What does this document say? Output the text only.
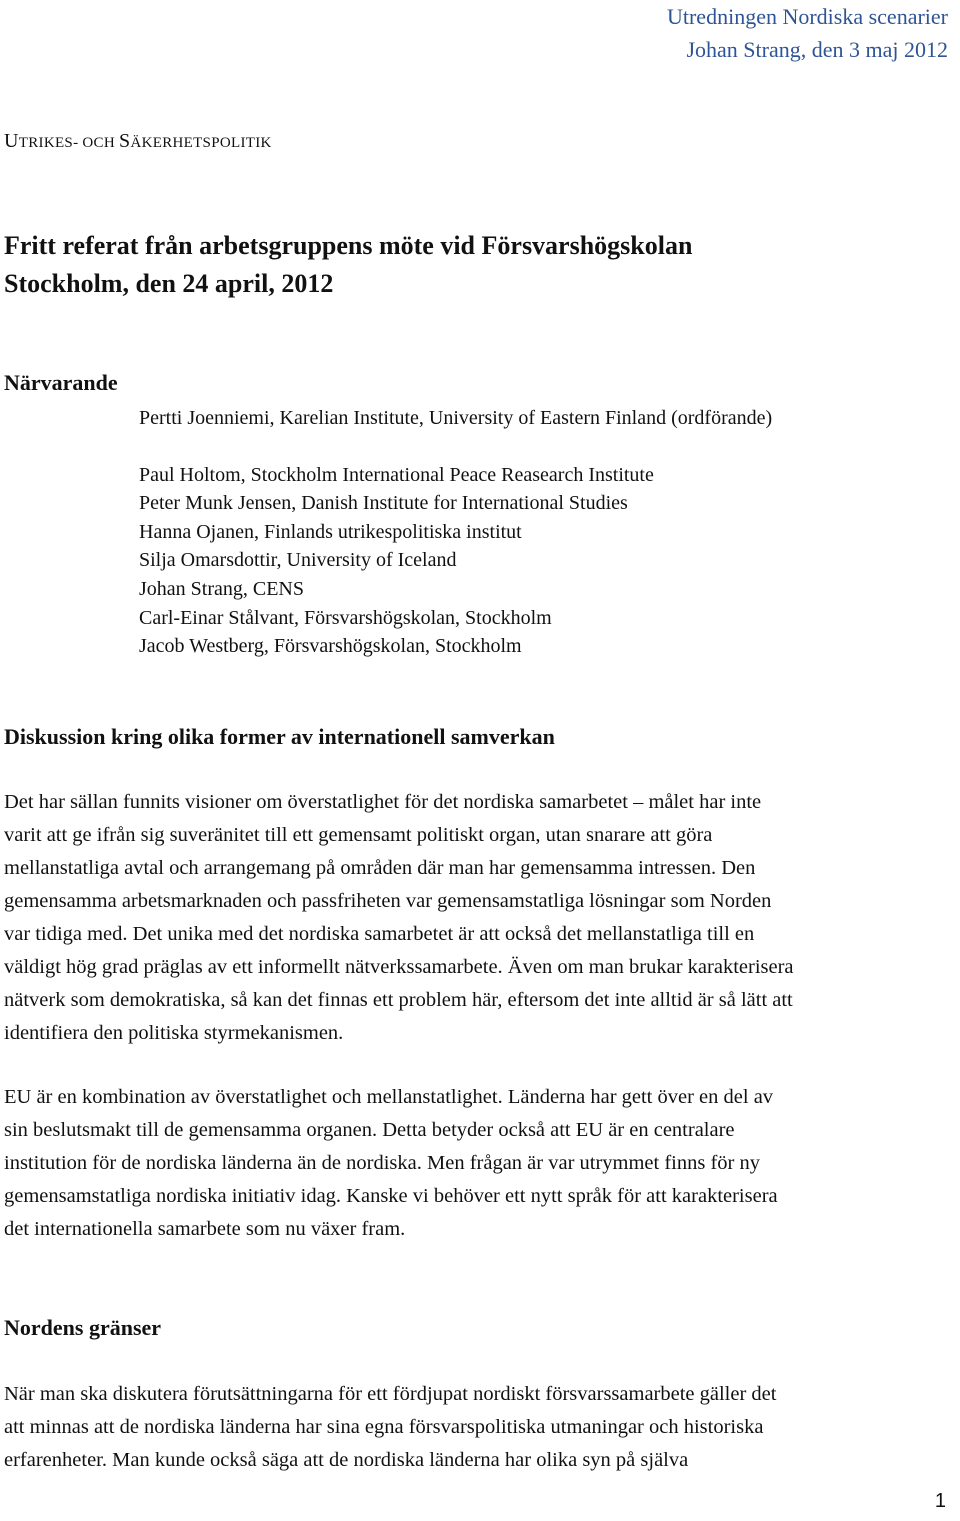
Utredningen Nordiska scenarier
Johan Strang, den 3 maj 2012
UTRIKES- OCH SÄKERHETSPOLITIK
Fritt referat från arbetsgruppens möte vid Försvarshögskolan
Stockholm, den 24 april, 2012
Närvarande
Pertti Joenniemi, Karelian Institute, University of Eastern Finland (ordförande)
Paul Holtom, Stockholm International Peace Reasearch Institute
Peter Munk Jensen, Danish Institute for International Studies
Hanna Ojanen, Finlands utrikespolitiska institut
Silja Omarsdottir, University of Iceland
Johan Strang, CENS
Carl-Einar Stålvant, Försvarshögskolan, Stockholm
Jacob Westberg, Försvarshögskolan, Stockholm
Diskussion kring olika former av internationell samverkan

Det har sällan funnits visioner om överstatlighet för det nordiska samarbetet – målet har inte
varit att ge ifrån sig suveränitet till ett gemensamt politiskt organ, utan snarare att göra
mellanstatliga avtal och arrangemang på områden där man har gemensamma intressen. Den
gemensamma arbetsmarknaden och passfriheten var gemensamstatliga lösningar som Norden
var tidiga med. Det unika med det nordiska samarbetet är att också det mellanstatliga till en
väldigt hög grad präglas av ett informellt nätverkssamarbete. Även om man brukar karakterisera
nätverk som demokratiska, så kan det finnas ett problem här, eftersom det inte alltid är så lätt att
identifiera den politiska styrmekanismen.

EU är en kombination av överstatlighet och mellanstatlighet. Länderna har gett över en del av
sin beslutsmakt till de gemensamma organen. Detta betyder också att EU är en centralare
institution för de nordiska länderna än de nordiska. Men frågan är var utrymmet finns för ny
gemensamstatliga nordiska initiativ idag. Kanske vi behöver ett nytt språk för att karakterisera
det internationella samarbete som nu växer fram.

Nordens gränser

När man ska diskutera förutsättningarna för ett fördjupat nordiskt försvarssamarbete gäller det
att minnas att de nordiska länderna har sina egna försvarspolitiska utmaningar och historiska
erfarenheter. Man kunde också säga att de nordiska länderna har olika syn på själva

1
